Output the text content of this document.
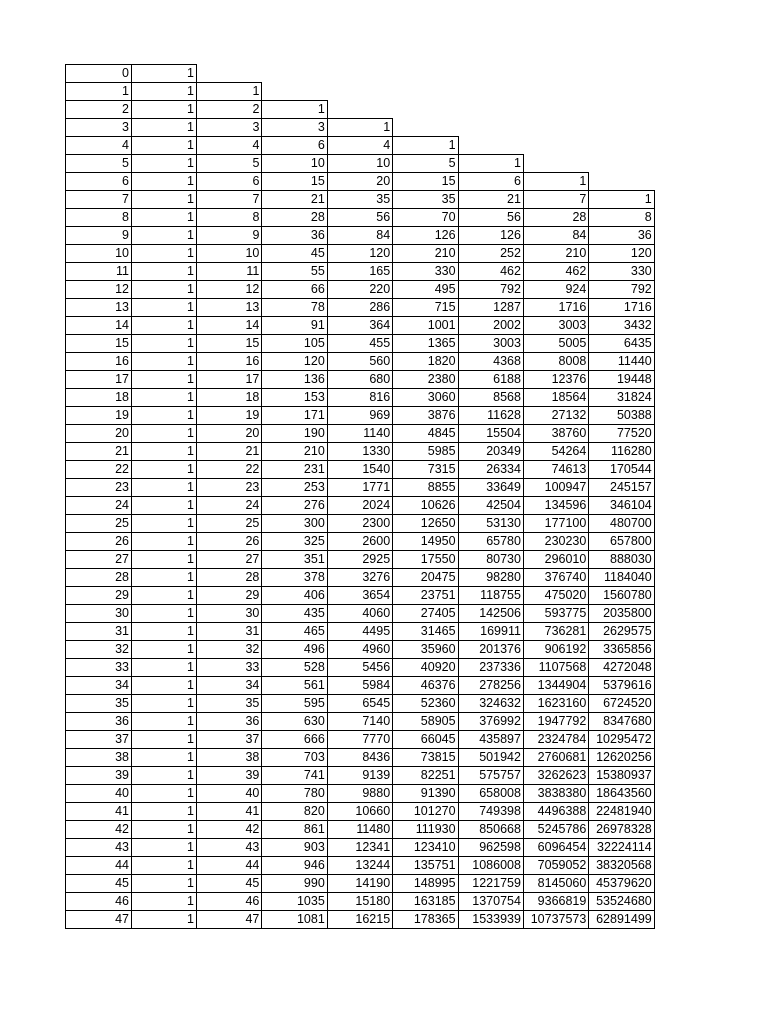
0	1							
1	1	1						
2	1	2	1					
3	1	3	3	1				
4	1	4	6	4	1			
5	1	5	10	10	5	1		
6	1	6	15	20	15	6	1	
7	1	7	21	35	35	21	7	1
8	1	8	28	56	70	56	28	8
9	1	9	36	84	126	126	84	36
10	1	10	45	120	210	252	210	120
11	1	11	55	165	330	462	462	330
12	1	12	66	220	495	792	924	792
13	1	13	78	286	715	1287	1716	1716
14	1	14	91	364	1001	2002	3003	3432
15	1	15	105	455	1365	3003	5005	6435
16	1	16	120	560	1820	4368	8008	11440
17	1	17	136	680	2380	6188	12376	19448
18	1	18	153	816	3060	8568	18564	31824
19	1	19	171	969	3876	11628	27132	50388
20	1	20	190	1140	4845	15504	38760	77520
21	1	21	210	1330	5985	20349	54264	116280
22	1	22	231	1540	7315	26334	74613	170544
23	1	23	253	1771	8855	33649	100947	245157
24	1	24	276	2024	10626	42504	134596	346104
25	1	25	300	2300	12650	53130	177100	480700
26	1	26	325	2600	14950	65780	230230	657800
27	1	27	351	2925	17550	80730	296010	888030
28	1	28	378	3276	20475	98280	376740	1184040
29	1	29	406	3654	23751	118755	475020	1560780
30	1	30	435	4060	27405	142506	593775	2035800
31	1	31	465	4495	31465	169911	736281	2629575
32	1	32	496	4960	35960	201376	906192	3365856
33	1	33	528	5456	40920	237336	1107568	4272048
34	1	34	561	5984	46376	278256	1344904	5379616
35	1	35	595	6545	52360	324632	1623160	6724520
36	1	36	630	7140	58905	376992	1947792	8347680
37	1	37	666	7770	66045	435897	2324784	10295472
38	1	38	703	8436	73815	501942	2760681	12620256
39	1	39	741	9139	82251	575757	3262623	15380937
40	1	40	780	9880	91390	658008	3838380	18643560
41	1	41	820	10660	101270	749398	4496388	22481940
42	1	42	861	11480	111930	850668	5245786	26978328
43	1	43	903	12341	123410	962598	6096454	32224114
44	1	44	946	13244	135751	1086008	7059052	38320568
45	1	45	990	14190	148995	1221759	8145060	45379620
46	1	46	1035	15180	163185	1370754	9366819	53524680
47	1	47	1081	16215	178365	1533939	10737573	62891499
